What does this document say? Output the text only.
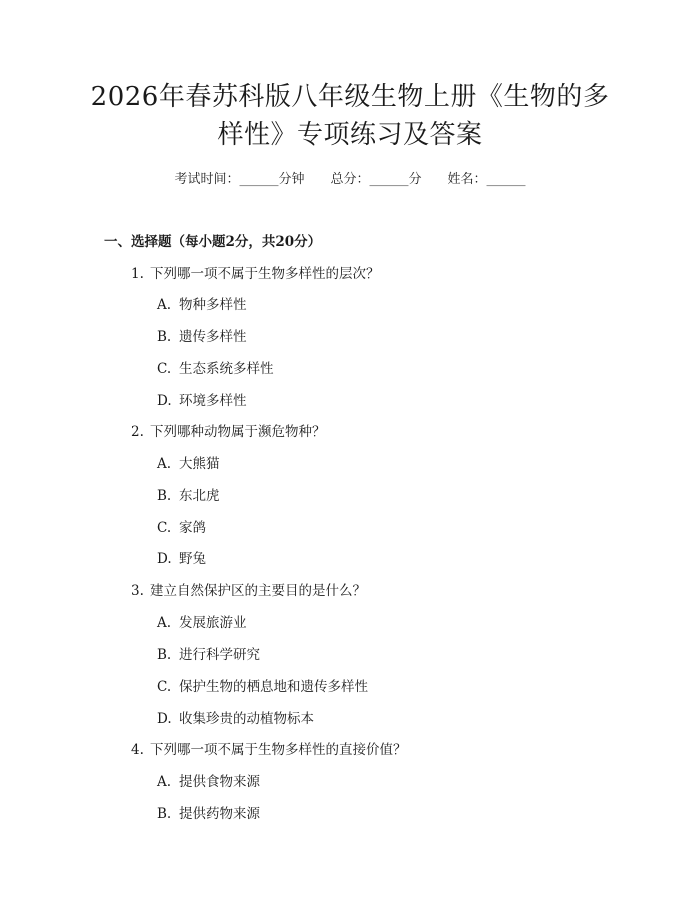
2026年春苏科版八年级生物上册《生物的多
样性》专项练习及答案
考试时间：______分钟 总分：______分 姓名：______
一、选择题（每小题2分，共20分）
1. 下列哪一项不属于生物多样性的层次？
A. 物种多样性
B. 遗传多样性
C. 生态系统多样性
D. 环境多样性
2. 下列哪种动物属于濒危物种？
A. 大熊猫
B. 东北虎
C. 家鸽
D. 野兔
3. 建立自然保护区的主要目的是什么？
A. 发展旅游业
B. 进行科学研究
C. 保护生物的栖息地和遗传多样性
D. 收集珍贵的动植物标本
4. 下列哪一项不属于生物多样性的直接价值？
A. 提供食物来源
B. 提供药物来源
